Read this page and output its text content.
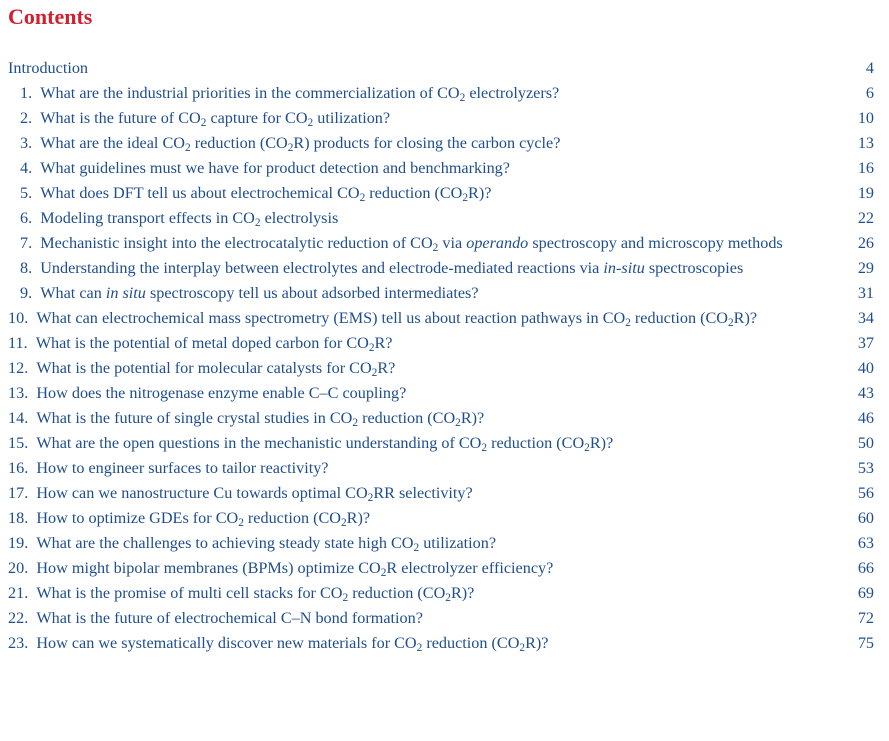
Contents
Introduction	4
1.  What are the industrial priorities in the commercialization of $CO_2$ electrolyzers?	6
2.  What is the future of $CO_2$ capture for $CO_2$ utilization?	10
3.  What are the ideal $CO_2$ reduction $(CO_2R)$ products for closing the carbon cycle?	13
4.  What guidelines must we have for product detection and benchmarking?	16
5.  What does DFT tell us about electrochemical $CO_2$ reduction $(CO_2R)$?	19
6.  Modeling transport effects in $CO_2$ electrolysis	22
7.  Mechanistic insight into the electrocatalytic reduction of $CO_2$ via operando spectroscopy and microscopy methods	26
8.  Understanding the interplay between electrolytes and electrode-mediated reactions via in-situ spectroscopies	29
9.  What can in situ spectroscopy tell us about adsorbed intermediates?	31
10.  What can electrochemical mass spectrometry (EMS) tell us about reaction pathways in $CO_2$ reduction $(CO_2R)$?	34
11.  What is the potential of metal doped carbon for $CO_2R$?	37
12.  What is the potential for molecular catalysts for $CO_2R$?	40
13.  How does the nitrogenase enzyme enable C–C coupling?	43
14.  What is the future of single crystal studies in $CO_2$ reduction $(CO_2R)$?	46
15.  What are the open questions in the mechanistic understanding of $CO_2$ reduction $(CO_2R)$?	50
16.  How to engineer surfaces to tailor reactivity?	53
17.  How can we nanostructure Cu towards optimal $CO_2RR$ selectivity?	56
18.  How to optimize GDEs for $CO_2$ reduction $(CO_2R)$?	60
19.  What are the challenges to achieving steady state high $CO_2$ utilization?	63
20.  How might bipolar membranes (BPMs) optimize $CO_2R$ electrolyzer efficiency?	66
21.  What is the promise of multi cell stacks for $CO_2$ reduction $(CO_2R)$?	69
22.  What is the future of electrochemical C–N bond formation?	72
23.  How can we systematically discover new materials for $CO_2$ reduction $(CO_2R)$?	75
